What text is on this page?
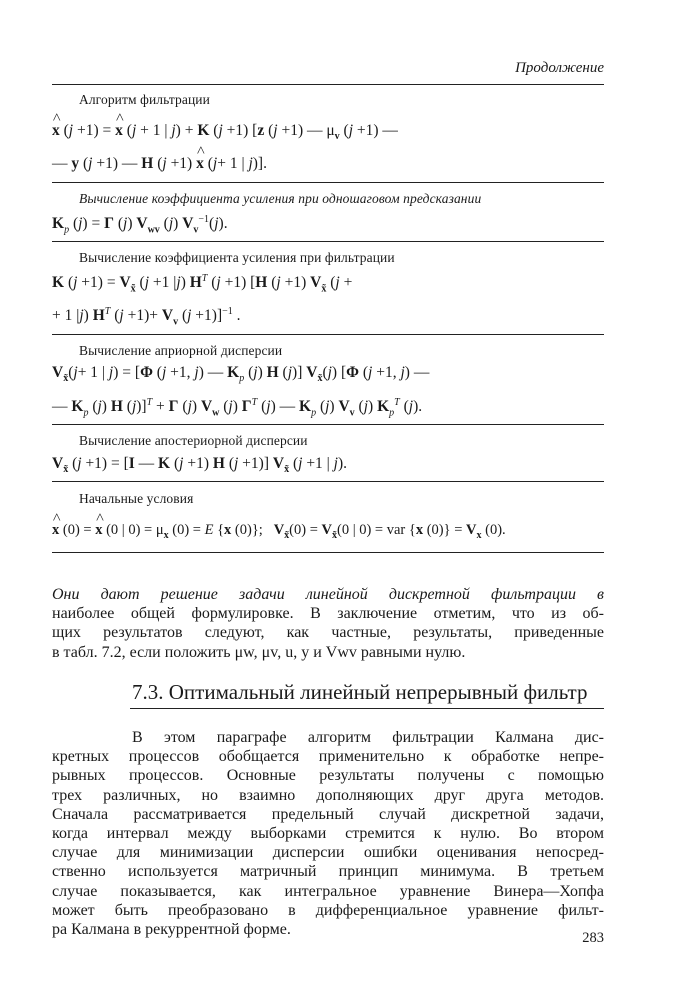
Продолжение
Алгоритм фильтрации
˄ x (j +1) = ˄ x (j + 1 | j) + K (j +1) [z (j +1) — $\mu_v$ (j +1) —
— y (j +1) — H (j +1) ˄ x (j+ 1 | j)].
Вычисление коэффициента усиления при одношаговом предсказании
$K_p$ (j) = Γ (j) $V_{wv}$ (j) $V_v^{-1}(j)$.
Вычисление коэффициента усиления при фильтрации
K $(j +1) = V_{x̃}$ (j +1 |j) $H^T$ (j +1) [H (j +1) $V_{x̃}$ (j +
+ 1 |j) $H^T$ $(j +1)+ V_v$ (j +1)]$^{-1}$ .
Вычисление априорной дисперсии
$V_{x̃}(j+ 1$ | j) = [Φ (j +1, j) — $K_p$ (j) H (j)] $V_{x̃}(j)$ [Φ (j +1, j) —
— $K_p$ (j) H (j)]$^T$ + Γ (j) $V_w$ (j) $\Gamma^T$ (j) — $K_p$ (j) $V_v$ (j) $K_p^T$ (j).
Вычисление апостериорной дисперсии
$V_{x̃}$ (j +1) = [I — K (j +1) H (j +1)] $V_{x̃}$ (j +1 | j).
Начальные условия
˄ x (0) = ˄ x (0 | $0) = \mu_x$ (0) = E {x (0)};   $V_{x̃}(0) = V_{x̃}(0$ | 0) = var {x $(0)\} = V_x$ (0).
Они дают решение задачи линейной дискретной фильтрации в
наиболее общей формулировке. В заключение отметим, что из об-
щих результатов следуют, как частные, результаты, приведенные
в табл. 7.2, если положить μw, μv, u, y и Vwv равными нулю.
7.3. Оптимальный линейный непрерывный фильтр
В этом параграфе алгоритм фильтрации Калмана дис-
кретных процессов обобщается применительно к обработке непре-
рывных процессов. Основные результаты получены с помощью
трех различных, но взаимно дополняющих друг друга методов.
Сначала рассматривается предельный случай дискретной задачи,
когда интервал между выборками стремится к нулю. Во втором
случае для минимизации дисперсии ошибки оценивания непосред-
ственно используется матричный принцип минимума. В третьем
случае показывается, как интегральное уравнение Винера—Хопфа
может быть преобразовано в дифференциальное уравнение фильт-
ра Калмана в рекуррентной форме.	283
